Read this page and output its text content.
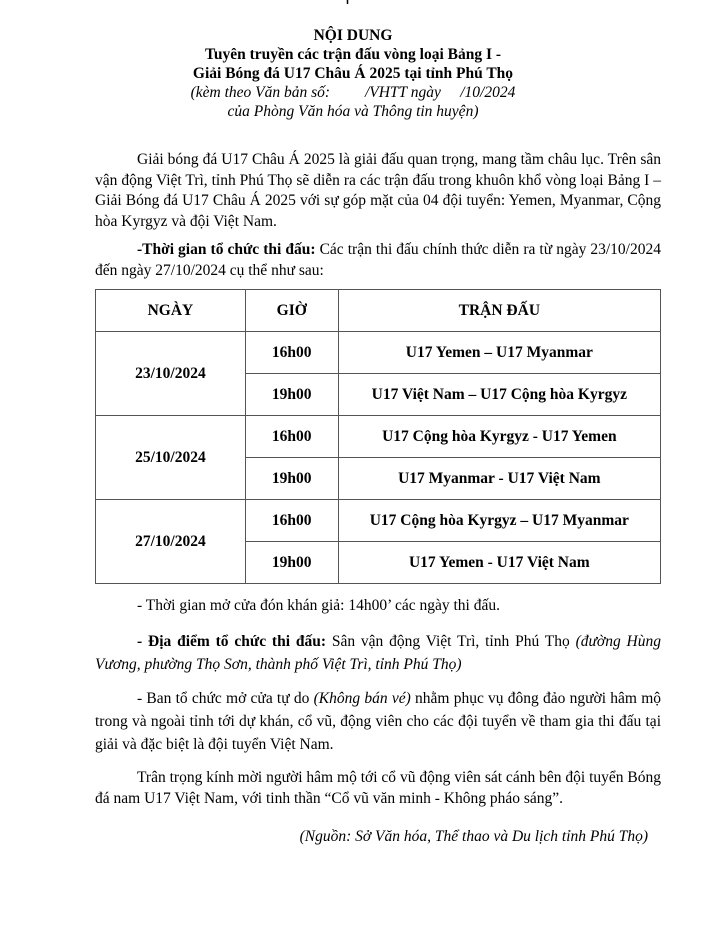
NỘI DUNG
Tuyên truyền các trận đấu vòng loại Bảng I -
Giải Bóng đá U17 Châu Á 2025 tại tỉnh Phú Thọ
(kèm theo Văn bản số:         /VHTT ngày     /10/2024
của Phòng Văn hóa và Thông tin huyện)
Giải bóng đá U17 Châu Á 2025 là giải đấu quan trọng, mang tầm châu lục. Trên sân vận động Việt Trì, tỉnh Phú Thọ sẽ diễn ra các trận đấu trong khuôn khổ vòng loại Bảng I – Giải Bóng đá U17 Châu Á 2025 với sự góp mặt của 04 đội tuyển: Yemen, Myanmar, Cộng hòa Kyrgyz và đội Việt Nam.
-Thời gian tổ chức thi đấu: Các trận thi đấu chính thức diễn ra từ ngày 23/10/2024 đến ngày 27/10/2024 cụ thể như sau:
NGÀY	GIỜ	TRẬN ĐẤU
23/10/2024	16h00	U17 Yemen – U17 Myanmar
	19h00	U17 Việt Nam – U17 Cộng hòa Kyrgyz
25/10/2024	16h00	U17 Cộng hòa Kyrgyz - U17 Yemen
	19h00	U17 Myanmar - U17 Việt Nam
27/10/2024	16h00	U17 Cộng hòa Kyrgyz – U17 Myanmar
	19h00	U17 Yemen - U17 Việt Nam
- Thời gian mở cửa đón khán giả: 14h00’ các ngày thi đấu.
- Địa điểm tổ chức thi đấu: Sân vận động Việt Trì, tỉnh Phú Thọ (đường Hùng Vương, phường Thọ Sơn, thành phố Việt Trì, tỉnh Phú Thọ)
- Ban tổ chức mở cửa tự do (Không bán vé) nhằm phục vụ đông đảo người hâm mộ trong và ngoài tỉnh tới dự khán, cổ vũ, động viên cho các đội tuyển về tham gia thi đấu tại giải và đặc biệt là đội tuyển Việt Nam.
Trân trọng kính mời người hâm mộ tới cổ vũ động viên sát cánh bên đội tuyển Bóng đá nam U17 Việt Nam, với tinh thần “Cổ vũ văn minh - Không pháo sáng”.
(Nguồn: Sở Văn hóa, Thể thao và Du lịch tỉnh Phú Thọ)
